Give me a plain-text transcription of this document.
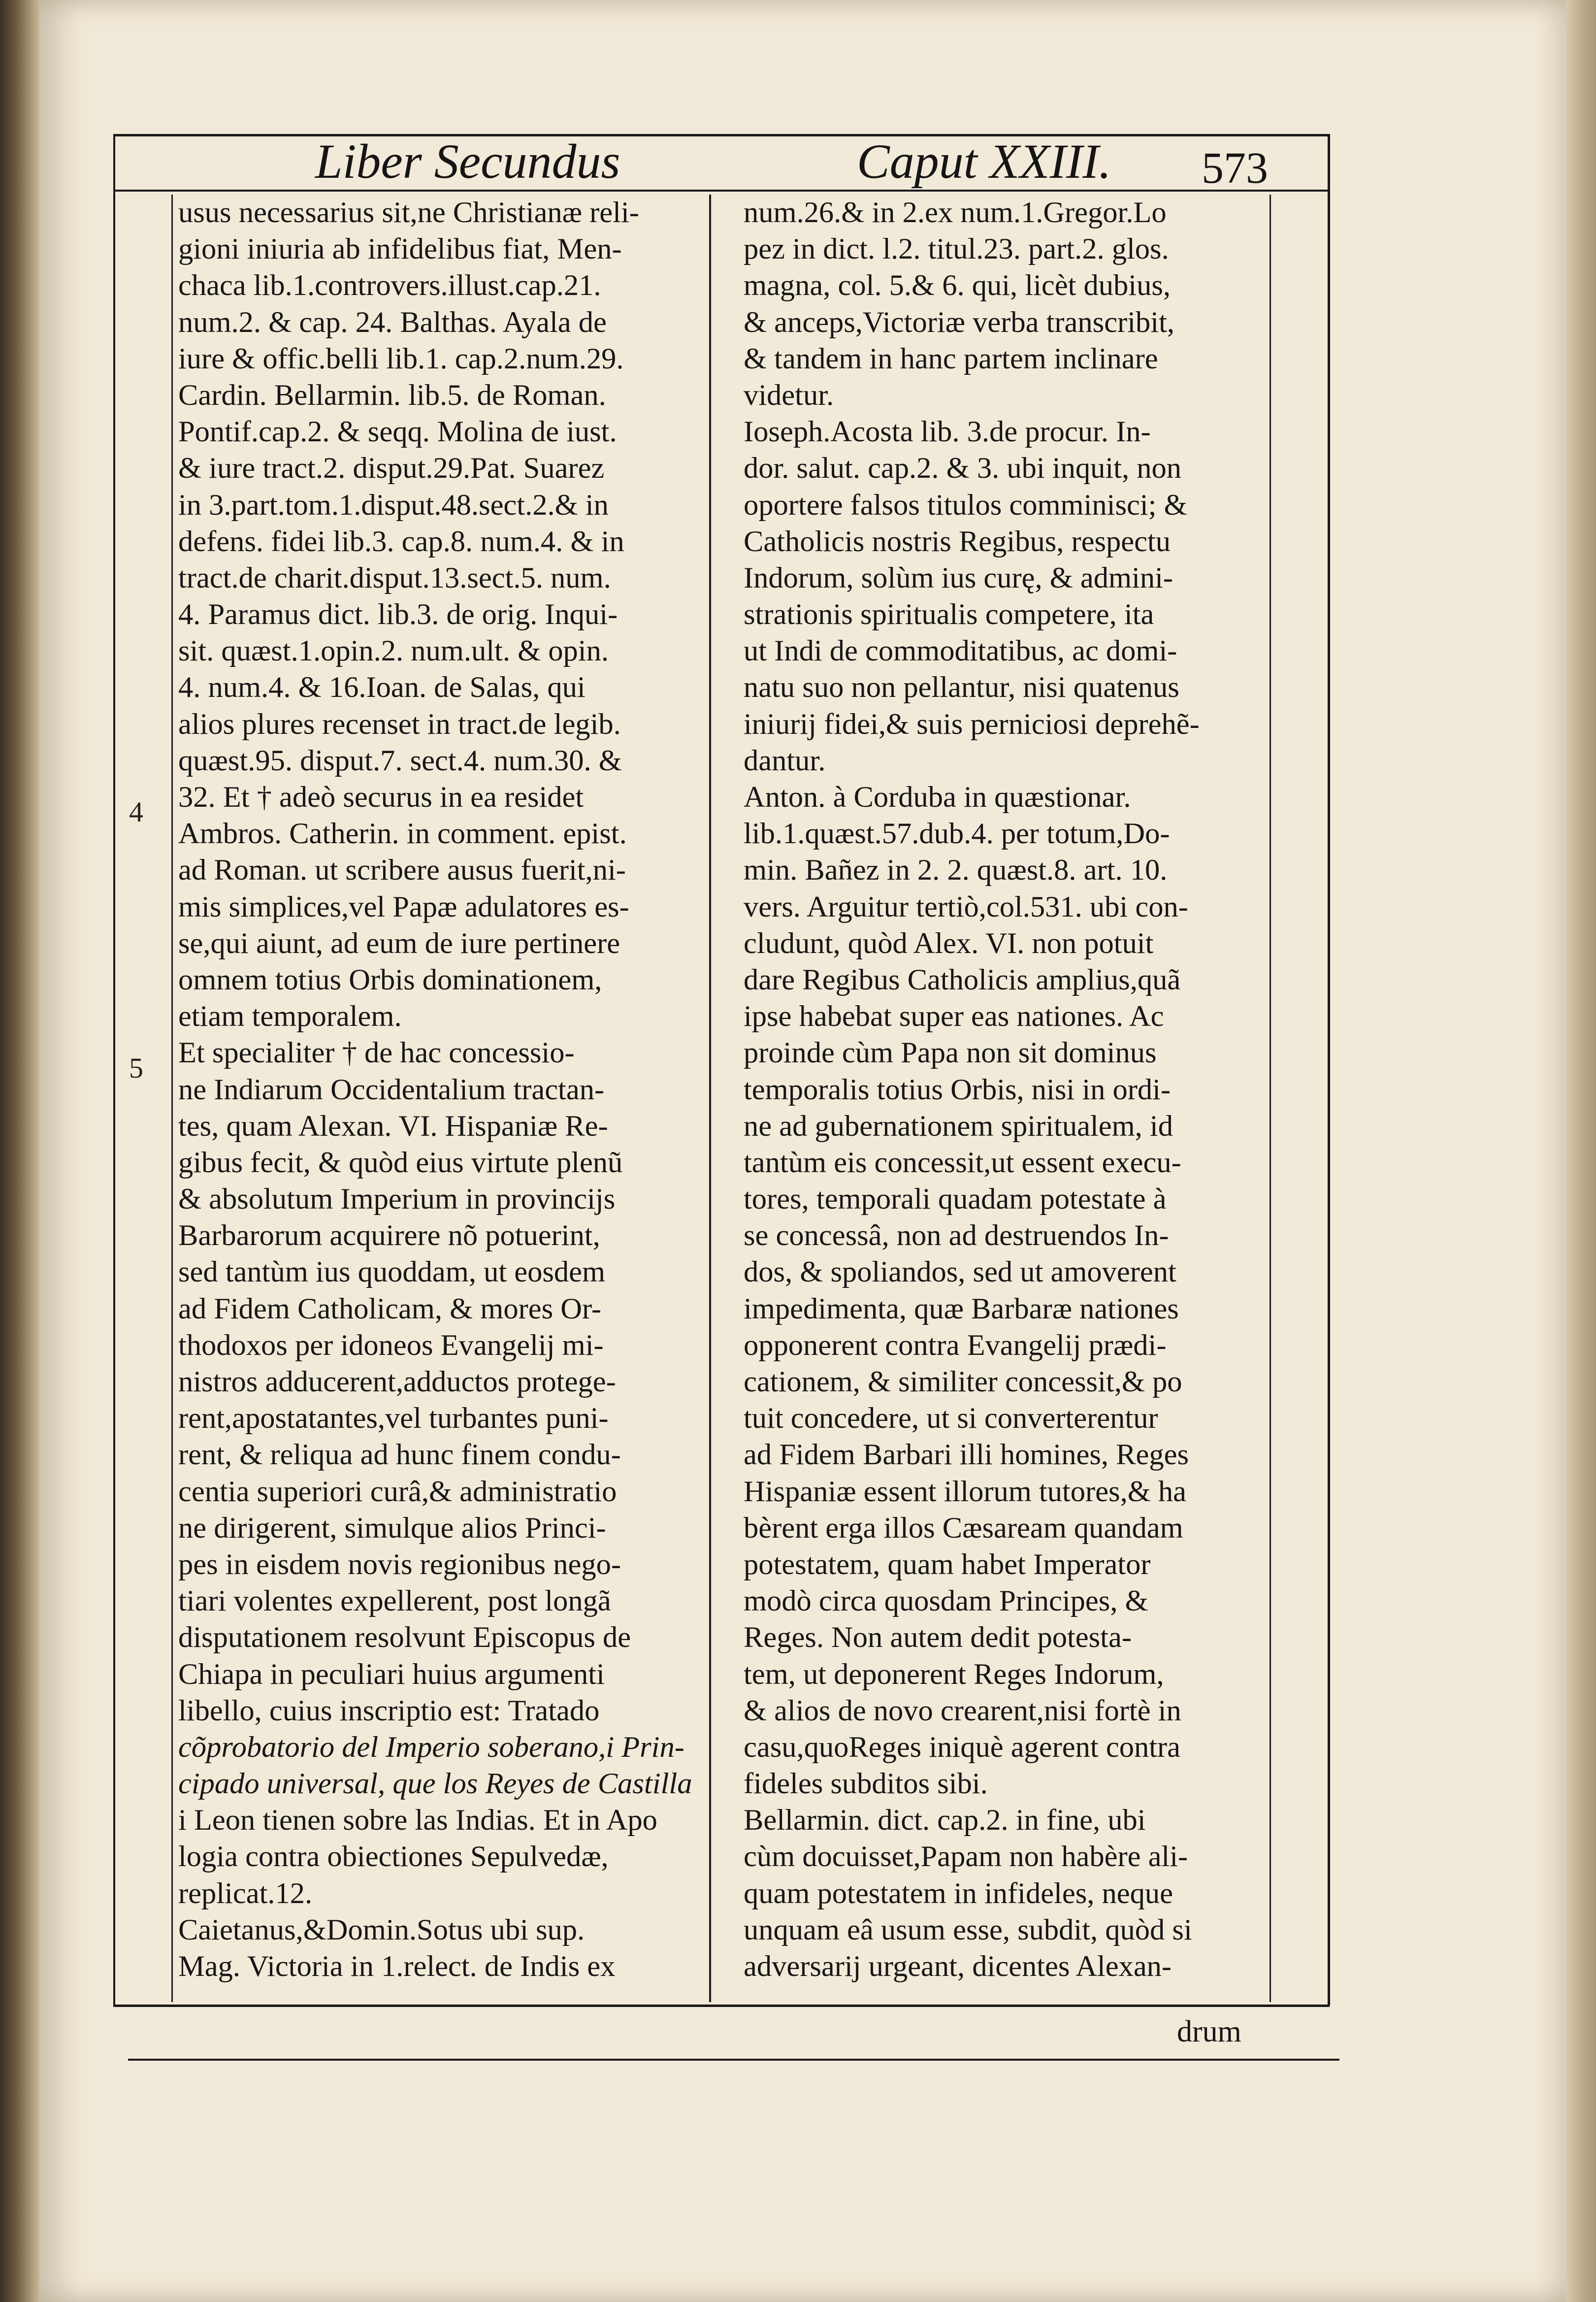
Liber Secundus	Caput XXIII. 573
4
5
usus necessarius sit,ne Christianæ reli-
gioni iniuria ab infidelibus fiat, Men-
chaca lib.1.controvers.illust.cap.21.
num.2. & cap. 24. Balthas. Ayala de
iure & offic.belli lib.1. cap.2.num.29.
Cardin. Bellarmin. lib.5. de Roman.
Pontif.cap.2. & seqq. Molina de iust.
& iure tract.2. disput.29.Pat. Suarez
in 3.part.tom.1.disput.48.sect.2.& in
defens. fidei lib.3. cap.8. num.4. & in
tract.de charit.disput.13.sect.5. num.
4. Paramus dict. lib.3. de orig. Inqui-
sit. quæst.1.opin.2. num.ult. & opin.
4. num.4. & 16.Ioan. de Salas, qui
alios plures recenset in tract.de legib.
quæst.95. disput.7. sect.4. num.30. &
32. Et † adeò securus in ea residet
Ambros. Catherin. in comment. epist.
ad Roman. ut scribere ausus fuerit,ni-
mis simplices,vel Papæ adulatores es-
se,qui aiunt, ad eum de iure pertinere
omnem totius Orbis dominationem,
etiam temporalem.
Et specialiter † de hac concessio-
ne Indiarum Occidentalium tractan-
tes, quam Alexan. VI. Hispaniæ Re-
gibus fecit, & quòd eius virtute plenũ
& absolutum Imperium in provincijs
Barbarorum acquirere nõ potuerint,
sed tantùm ius quoddam, ut eosdem
ad Fidem Catholicam, & mores Or-
thodoxos per idoneos Evangelij mi-
nistros adducerent,adductos protege-
rent,apostatantes,vel turbantes puni-
rent, & reliqua ad hunc finem condu-
centia superiori curâ,& administratio
ne dirigerent, simulque alios Princi-
pes in eisdem novis regionibus nego-
tiari volentes expellerent, post longã
disputationem resolvunt Episcopus de
Chiapa in peculiari huius argumenti
libello, cuius inscriptio est: Tratado
cõprobatorio del Imperio soberano,i Prin-
cipado universal, que los Reyes de Castilla
i Leon tienen sobre las Indias. Et in Apo
logia contra obiectiones Sepulvedæ,
replicat.12.
Caietanus,&Domin.Sotus ubi sup.
Mag. Victoria in 1.relect. de Indis ex
num.26.& in 2.ex num.1.Gregor.Lo
pez in dict. l.2. titul.23. part.2. glos.
magna, col. 5.& 6. qui, licèt dubius,
& anceps,Victoriæ verba transcribit,
& tandem in hanc partem inclinare
videtur.
Ioseph.Acosta lib. 3.de procur. In-
dor. salut. cap.2. & 3. ubi inquit, non
oportere falsos titulos comminisci; &
Catholicis nostris Regibus, respectu
Indorum, solùm ius curę, & admini-
strationis spiritualis competere, ita
ut Indi de commoditatibus, ac domi-
natu suo non pellantur, nisi quatenus
iniurij fidei,& suis perniciosi deprehẽ-
dantur.
Anton. à Corduba in quæstionar.
lib.1.quæst.57.dub.4. per totum,Do-
min. Bañez in 2. 2. quæst.8. art. 10.
vers. Arguitur tertiò,col.531. ubi con-
cludunt, quòd Alex. VI. non potuit
dare Regibus Catholicis amplius,quã
ipse habebat super eas nationes. Ac
proinde cùm Papa non sit dominus
temporalis totius Orbis, nisi in ordi-
ne ad gubernationem spiritualem, id
tantùm eis concessit,ut essent execu-
tores, temporali quadam potestate à
se concessâ, non ad destruendos In-
dos, & spoliandos, sed ut amoverent
impedimenta, quæ Barbaræ nationes
opponerent contra Evangelij prædi-
cationem, & similiter concessit,& po
tuit concedere, ut si converterentur
ad Fidem Barbari illi homines, Reges
Hispaniæ essent illorum tutores,& ha
bèrent erga illos Cæsaream quandam
potestatem, quam habet Imperator
modò circa quosdam Principes, &
Reges. Non autem dedit potesta-
tem, ut deponerent Reges Indorum,
& alios de novo crearent,nisi fortè in
casu,quoReges iniquè agerent contra
fideles subditos sibi.
Bellarmin. dict. cap.2. in fine, ubi
cùm docuisset,Papam non habère ali-
quam potestatem in infideles, neque
unquam eâ usum esse, subdit, quòd si
adversarij urgeant, dicentes Alexan-
drum
